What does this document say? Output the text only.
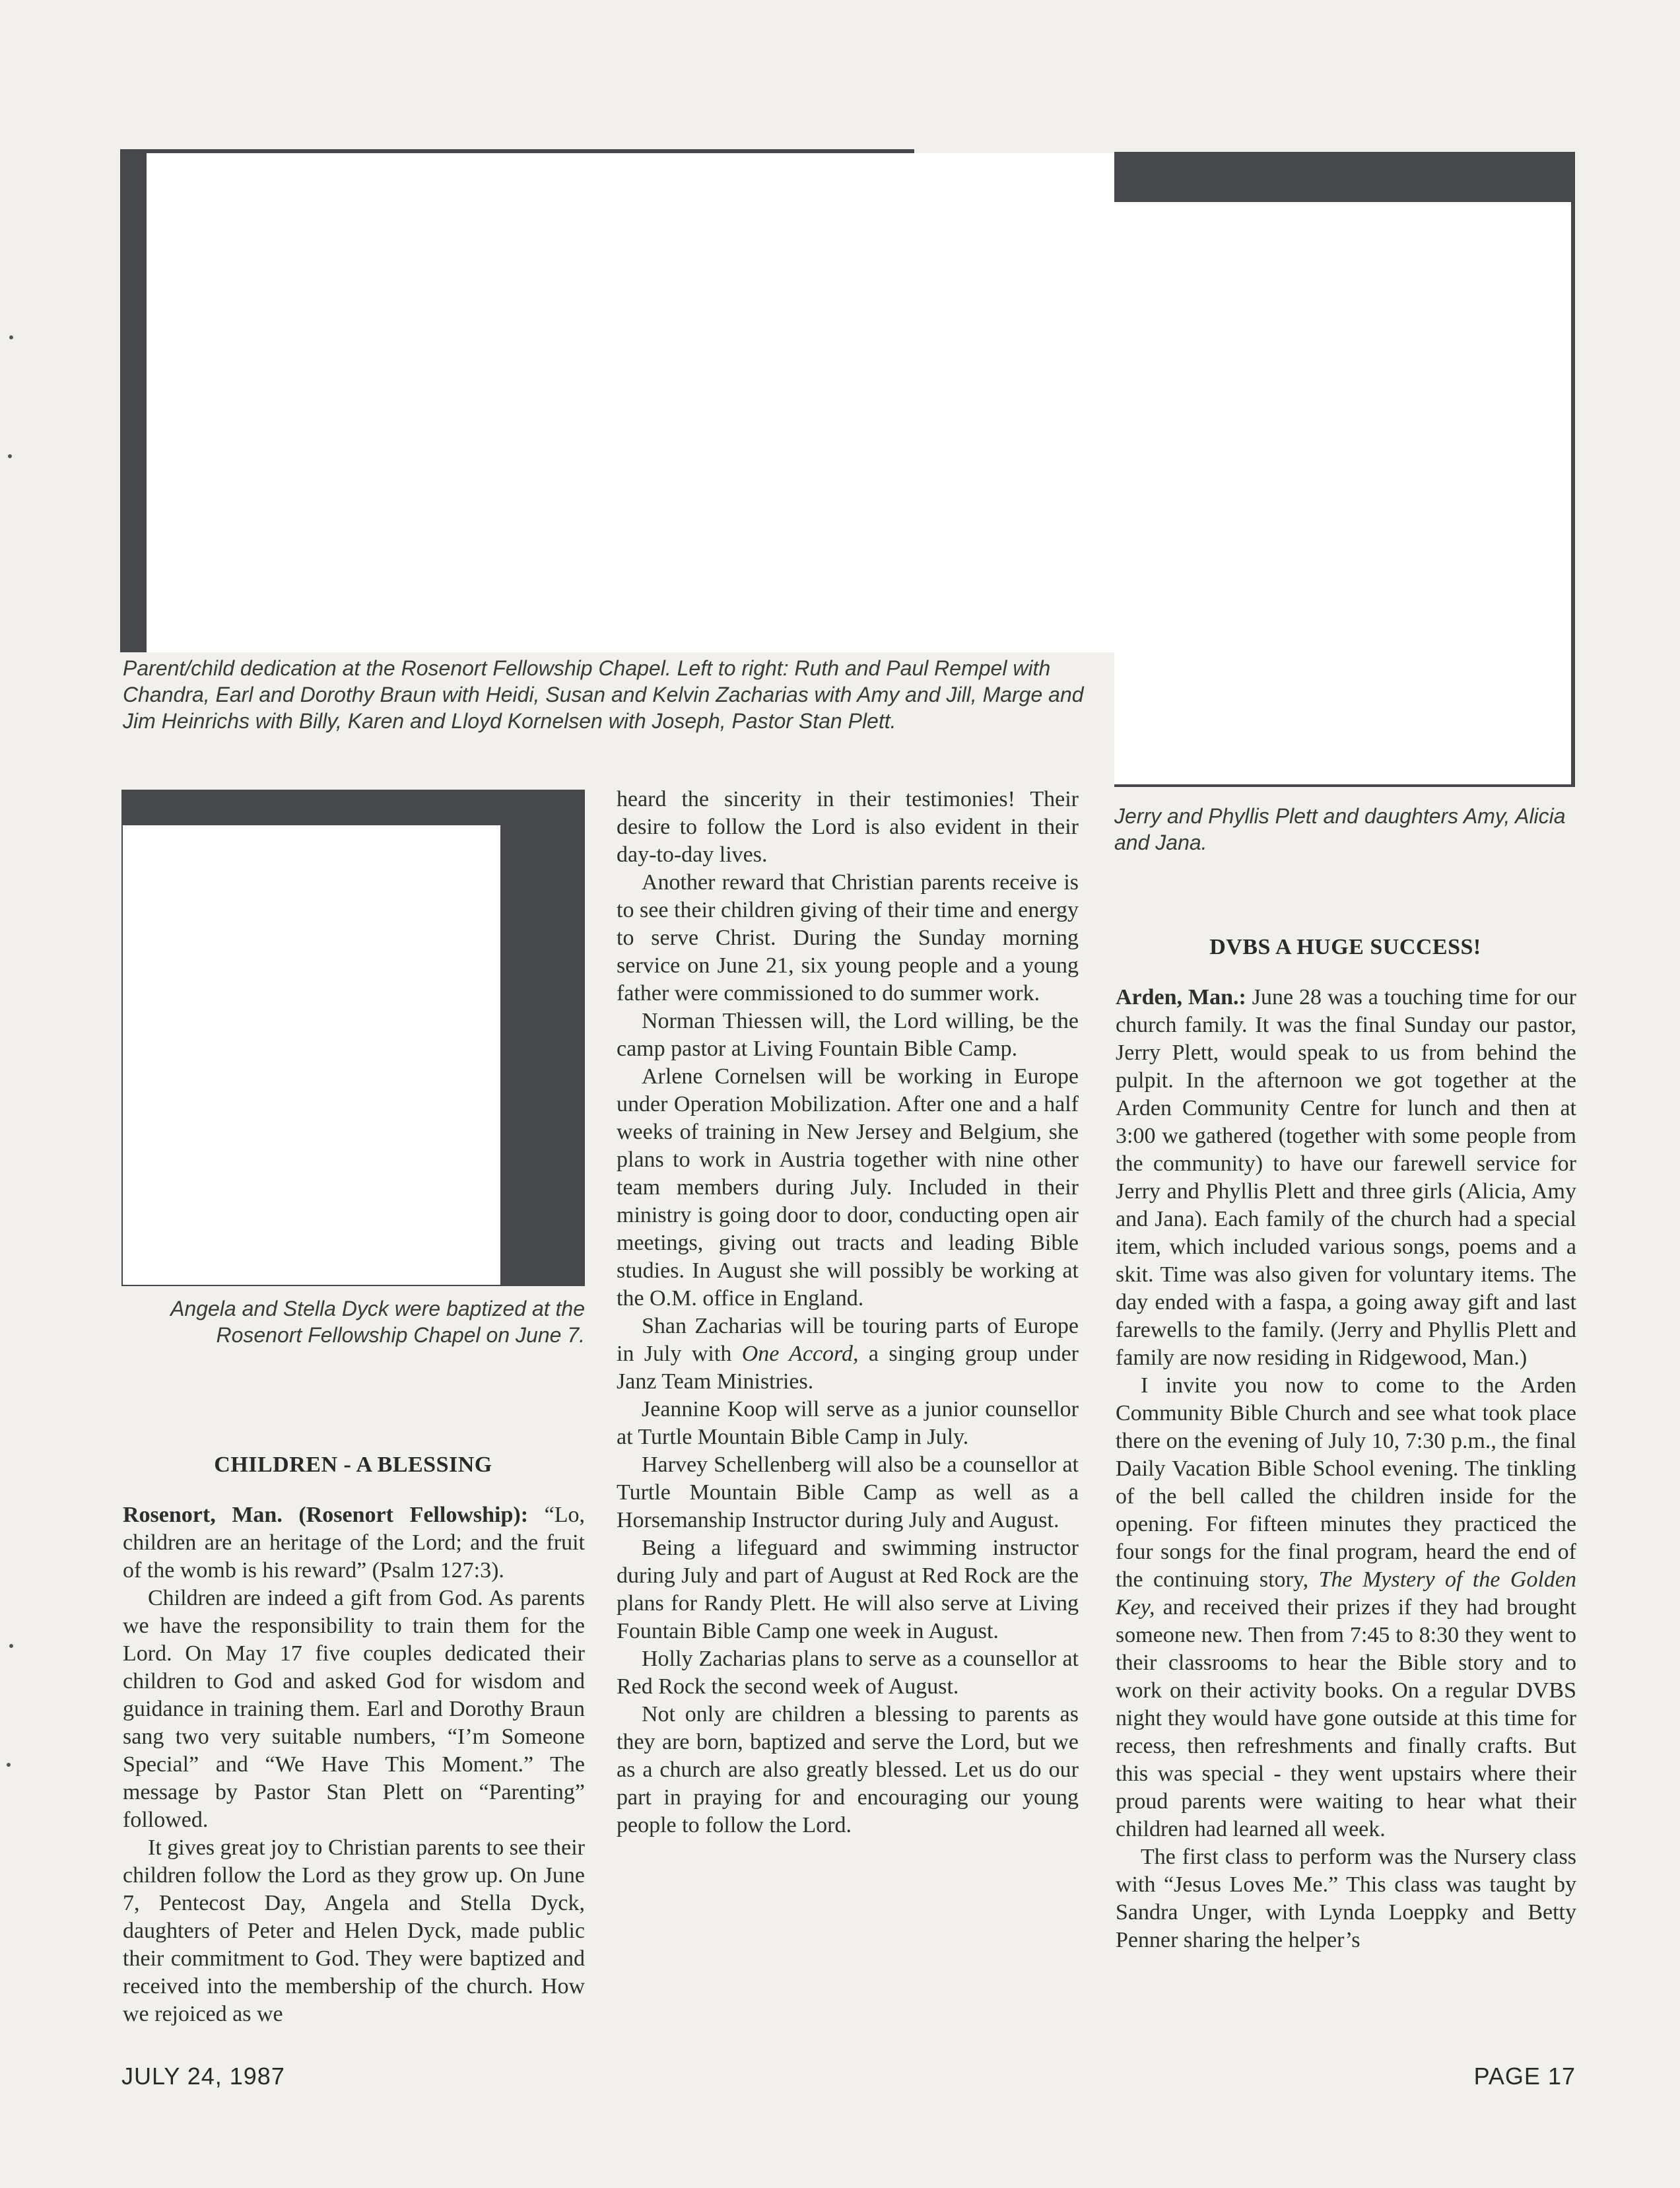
Parent/child dedication at the Rosenort Fellowship Chapel. Left to right: Ruth and Paul Rempel with Chandra, Earl and Dorothy Braun with Heidi, Susan and Kelvin Zacharias with Amy and Jill, Marge and Jim Heinrichs with Billy, Karen and Lloyd Kornelsen with Joseph, Pastor Stan Plett.
Jerry and Phyllis Plett and daughters Amy, Alicia and Jana.
Angela and Stella Dyck were baptized at the Rosenort Fellowship Chapel on June 7.
CHILDREN - A BLESSING

Rosenort, Man. (Rosenort Fellowship): “Lo, children are an heritage of the Lord; and the fruit of the womb is his reward” (Psalm 127:3).

Children are indeed a gift from God. As parents we have the responsibility to train them for the Lord. On May 17 five couples dedicated their children to God and asked God for wisdom and guidance in training them. Earl and Dorothy Braun sang two very suitable numbers, “I’m Someone Special” and “We Have This Moment.” The message by Pastor Stan Plett on “Parenting” followed.

It gives great joy to Christian parents to see their children follow the Lord as they grow up. On June 7, Pentecost Day, Angela and Stella Dyck, daughters of Peter and Helen Dyck, made public their commitment to God. They were baptized and received into the membership of the church. How we rejoiced as we

heard the sincerity in their testimonies! Their desire to follow the Lord is also evident in their day-to-day lives.

Another reward that Christian parents receive is to see their children giving of their time and energy to serve Christ. During the Sunday morning service on June 21, six young people and a young father were commissioned to do summer work.

Norman Thiessen will, the Lord willing, be the camp pastor at Living Fountain Bible Camp.

Arlene Cornelsen will be working in Europe under Operation Mobilization. After one and a half weeks of training in New Jersey and Belgium, she plans to work in Austria together with nine other team members during July. Included in their ministry is going door to door, conducting open air meetings, giving out tracts and leading Bible studies. In August she will possibly be working at the O.M. office in England.

Shan Zacharias will be touring parts of Europe in July with One Accord, a singing group under Janz Team Ministries.

Jeannine Koop will serve as a junior counsellor at Turtle Mountain Bible Camp in July.

Harvey Schellenberg will also be a counsellor at Turtle Mountain Bible Camp as well as a Horsemanship Instructor during July and August.

Being a lifeguard and swimming instructor during July and part of August at Red Rock are the plans for Randy Plett. He will also serve at Living Fountain Bible Camp one week in August.

Holly Zacharias plans to serve as a counsellor at Red Rock the second week of August.

Not only are children a blessing to parents as they are born, baptized and serve the Lord, but we as a church are also greatly blessed. Let us do our part in praying for and encouraging our young people to follow the Lord.

DVBS A HUGE SUCCESS!

Arden, Man.: June 28 was a touching time for our church family. It was the final Sunday our pastor, Jerry Plett, would speak to us from behind the pulpit. In the afternoon we got together at the Arden Community Centre for lunch and then at 3:00 we gathered (together with some people from the community) to have our farewell service for Jerry and Phyllis Plett and three girls (Alicia, Amy and Jana). Each family of the church had a special item, which included various songs, poems and a skit. Time was also given for voluntary items. The day ended with a faspa, a going away gift and last farewells to the family. (Jerry and Phyllis Plett and family are now residing in Ridgewood, Man.)

I invite you now to come to the Arden Community Bible Church and see what took place there on the evening of July 10, 7:30 p.m., the final Daily Vacation Bible School evening. The tinkling of the bell called the children inside for the opening. For fifteen minutes they practiced the four songs for the final program, heard the end of the continuing story, The Mystery of the Golden Key, and received their prizes if they had brought someone new. Then from 7:45 to 8:30 they went to their classrooms to hear the Bible story and to work on their activity books. On a regular DVBS night they would have gone outside at this time for recess, then refreshments and finally crafts. But this was special - they went upstairs where their proud parents were waiting to hear what their children had learned all week.

The first class to perform was the Nursery class with “Jesus Loves Me.” This class was taught by Sandra Unger, with Lynda Loeppky and Betty Penner sharing the helper’s

JULY 24, 1987	PAGE 17
